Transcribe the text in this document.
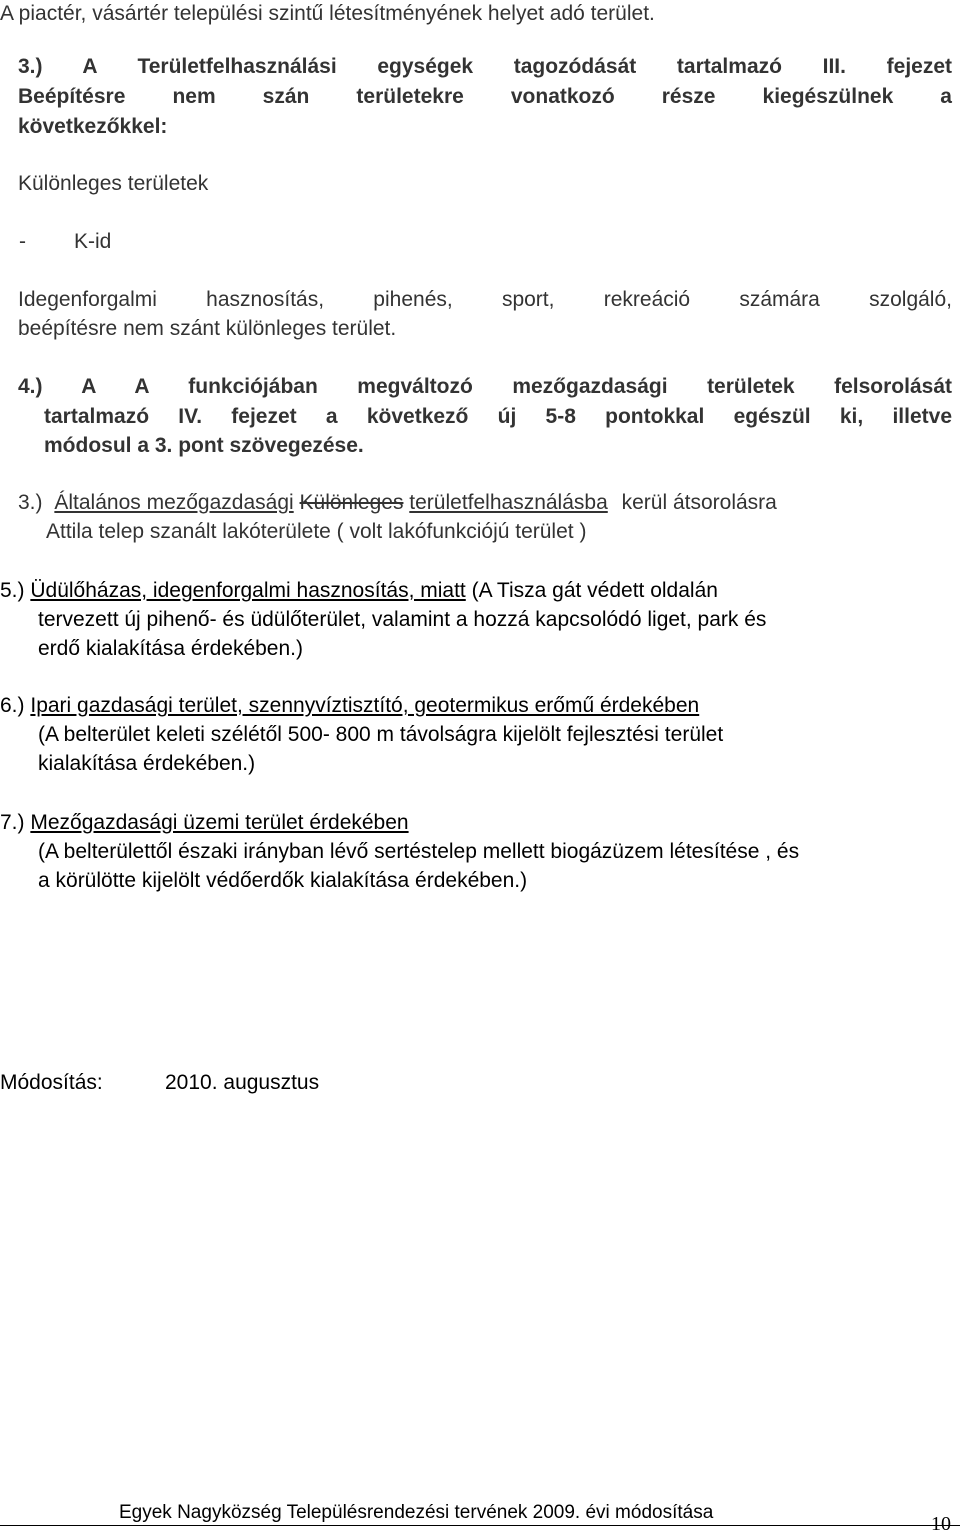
A piactér, vásártér települési szintű létesítményének helyet adó terület.
3.) A Területfelhasználási egységek tagozódását tartalmazó III. fejezet
Beépítésre nem szán területekre vonatkozó része kiegészülnek a
következőkkel:
Különleges területek
- K-id
Idegenforgalmi hasznosítás, pihenés, sport, rekreáció számára szolgáló,
beépítésre nem szánt különleges terület.
4.) A A funkciójában megváltozó mezőgazdasági területek felsorolását
tartalmazó IV. fejezet a következő új 5-8 pontokkal egészül ki, illetve
módosul a 3. pont szövegezése.
3.) Általános mezőgazdasági Különleges területfelhasználásba kerül átsorolásra
Attila telep szanált lakóterülete ( volt lakófunkciójú terület )
5.) Üdülőházas, idegenforgalmi hasznosítás, miatt (A Tisza gát védett oldalán
tervezett új pihenő- és üdülőterület, valamint a hozzá kapcsolódó liget, park és
erdő kialakítása érdekében.)
6.) Ipari gazdasági terület, szennyvíztisztító, geotermikus erőmű érdekében
(A belterület keleti szélétől 500- 800 m távolságra kijelölt fejlesztési terület
kialakítása érdekében.)
7.) Mezőgazdasági üzemi terület érdekében
(A belterülettől északi irányban lévő sertéstelep mellett biogázüzem létesítése , és
a körülötte kijelölt védőerdők kialakítása érdekében.)
Módosítás:	2010. augusztus
Egyek Nagyközség Településrendezési tervének 2009. évi módosítása
10
